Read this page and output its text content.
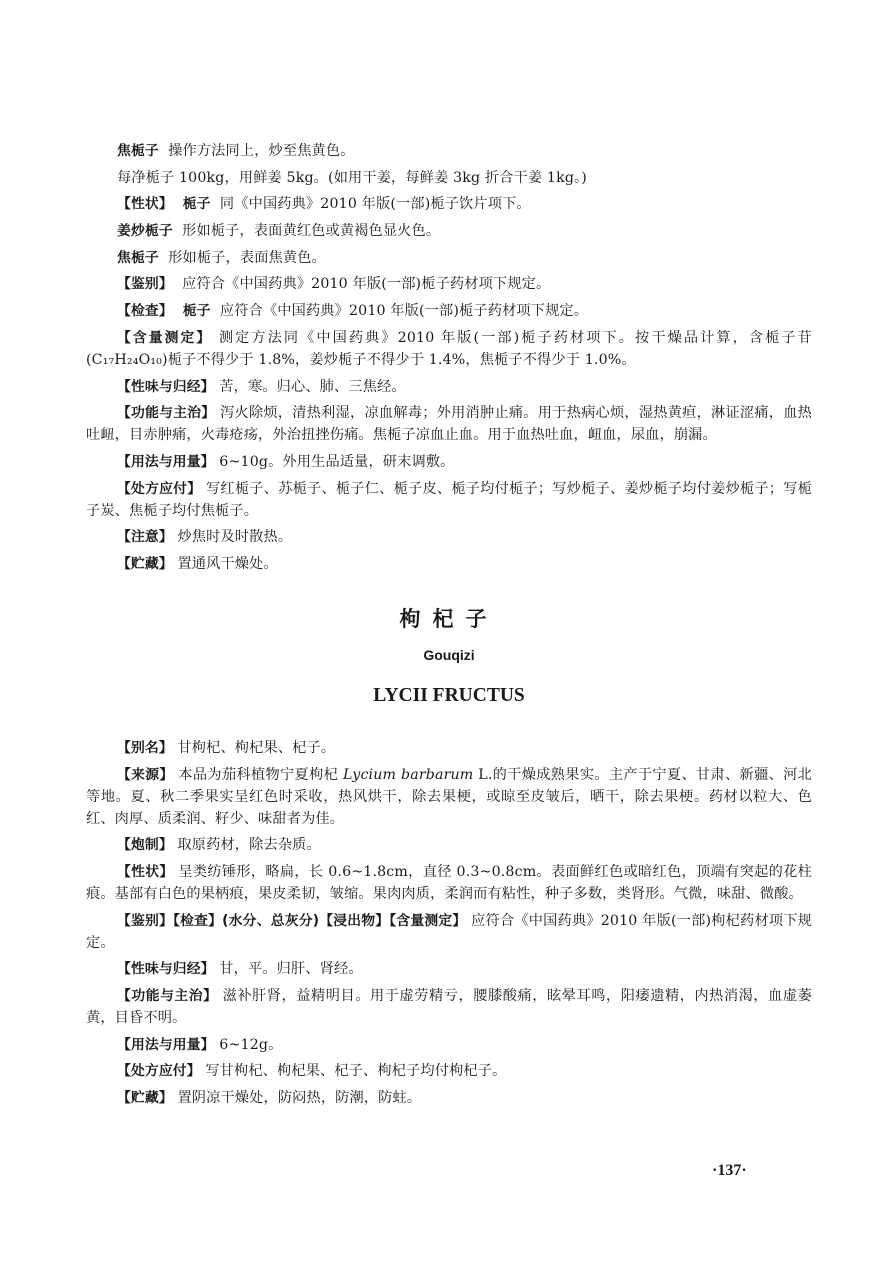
焦栀子  操作方法同上，炒至焦黄色。

每净栀子 100kg，用鲜姜 5kg。(如用干姜，每鲜姜 3kg 折合干姜 1kg。)

【性状】  栀子  同《中国药典》2010 年版(一部)栀子饮片项下。

姜炒栀子  形如栀子，表面黄红色或黄褐色显火色。

焦栀子  形如栀子，表面焦黄色。

【鉴别】  应符合《中国药典》2010 年版(一部)栀子药材项下规定。

【检查】  栀子  应符合《中国药典》2010 年版(一部)栀子药材项下规定。

【含量测定】 测定方法同《中国药典》2010 年版(一部)栀子药材项下。按干燥品计算，含栀子苷(C₁₇H₂₄O₁₀)栀子不得少于 1.8%，姜炒栀子不得少于 1.4%，焦栀子不得少于 1.0%。

【性味与归经】 苦，寒。归心、肺、三焦经。

【功能与主治】 泻火除烦，清热利湿，凉血解毒；外用消肿止痛。用于热病心烦，湿热黄疸，淋证涩痛，血热吐衄，目赤肿痛，火毒疮疡，外治扭挫伤痛。焦栀子凉血止血。用于血热吐血，衄血，尿血，崩漏。

【用法与用量】 6~10g。外用生品适量，研末调敷。

【处方应付】 写红栀子、苏栀子、栀子仁、栀子皮、栀子均付栀子；写炒栀子、姜炒栀子均付姜炒栀子；写栀子炭、焦栀子均付焦栀子。

【注意】 炒焦时及时散热。

【贮藏】 置通风干燥处。

枸杞子
Gouqizi
LYCII FRUCTUS

【别名】 甘枸杞、枸杞果、杞子。

【来源】 本品为茄科植物宁夏枸杞 Lycium barbarum L.的干燥成熟果实。主产于宁夏、甘肃、新疆、河北等地。夏、秋二季果实呈红色时采收，热风烘干，除去果梗，或晾至皮皱后，晒干，除去果梗。药材以粒大、色红、肉厚、质柔润、籽少、味甜者为佳。

【炮制】 取原药材，除去杂质。

【性状】 呈类纺锤形，略扁，长 0.6~1.8cm，直径 0.3~0.8cm。表面鲜红色或暗红色，顶端有突起的花柱痕。基部有白色的果柄痕，果皮柔韧，皱缩。果肉肉质，柔润而有粘性，种子多数，类肾形。气微，味甜、微酸。

【鉴别】【检查】(水分、总灰分)【浸出物】【含量测定】 应符合《中国药典》2010 年版(一部)枸杞药材项下规定。

【性味与归经】 甘，平。归肝、肾经。

【功能与主治】 滋补肝肾，益精明目。用于虚劳精亏，腰膝酸痛，眩晕耳鸣，阳痿遗精，内热消渴，血虚萎黄，目昏不明。

【用法与用量】 6~12g。

【处方应付】 写甘枸杞、枸杞果、杞子、枸杞子均付枸杞子。

【贮藏】 置阴凉干燥处，防闷热，防潮，防蛀。

·137·
